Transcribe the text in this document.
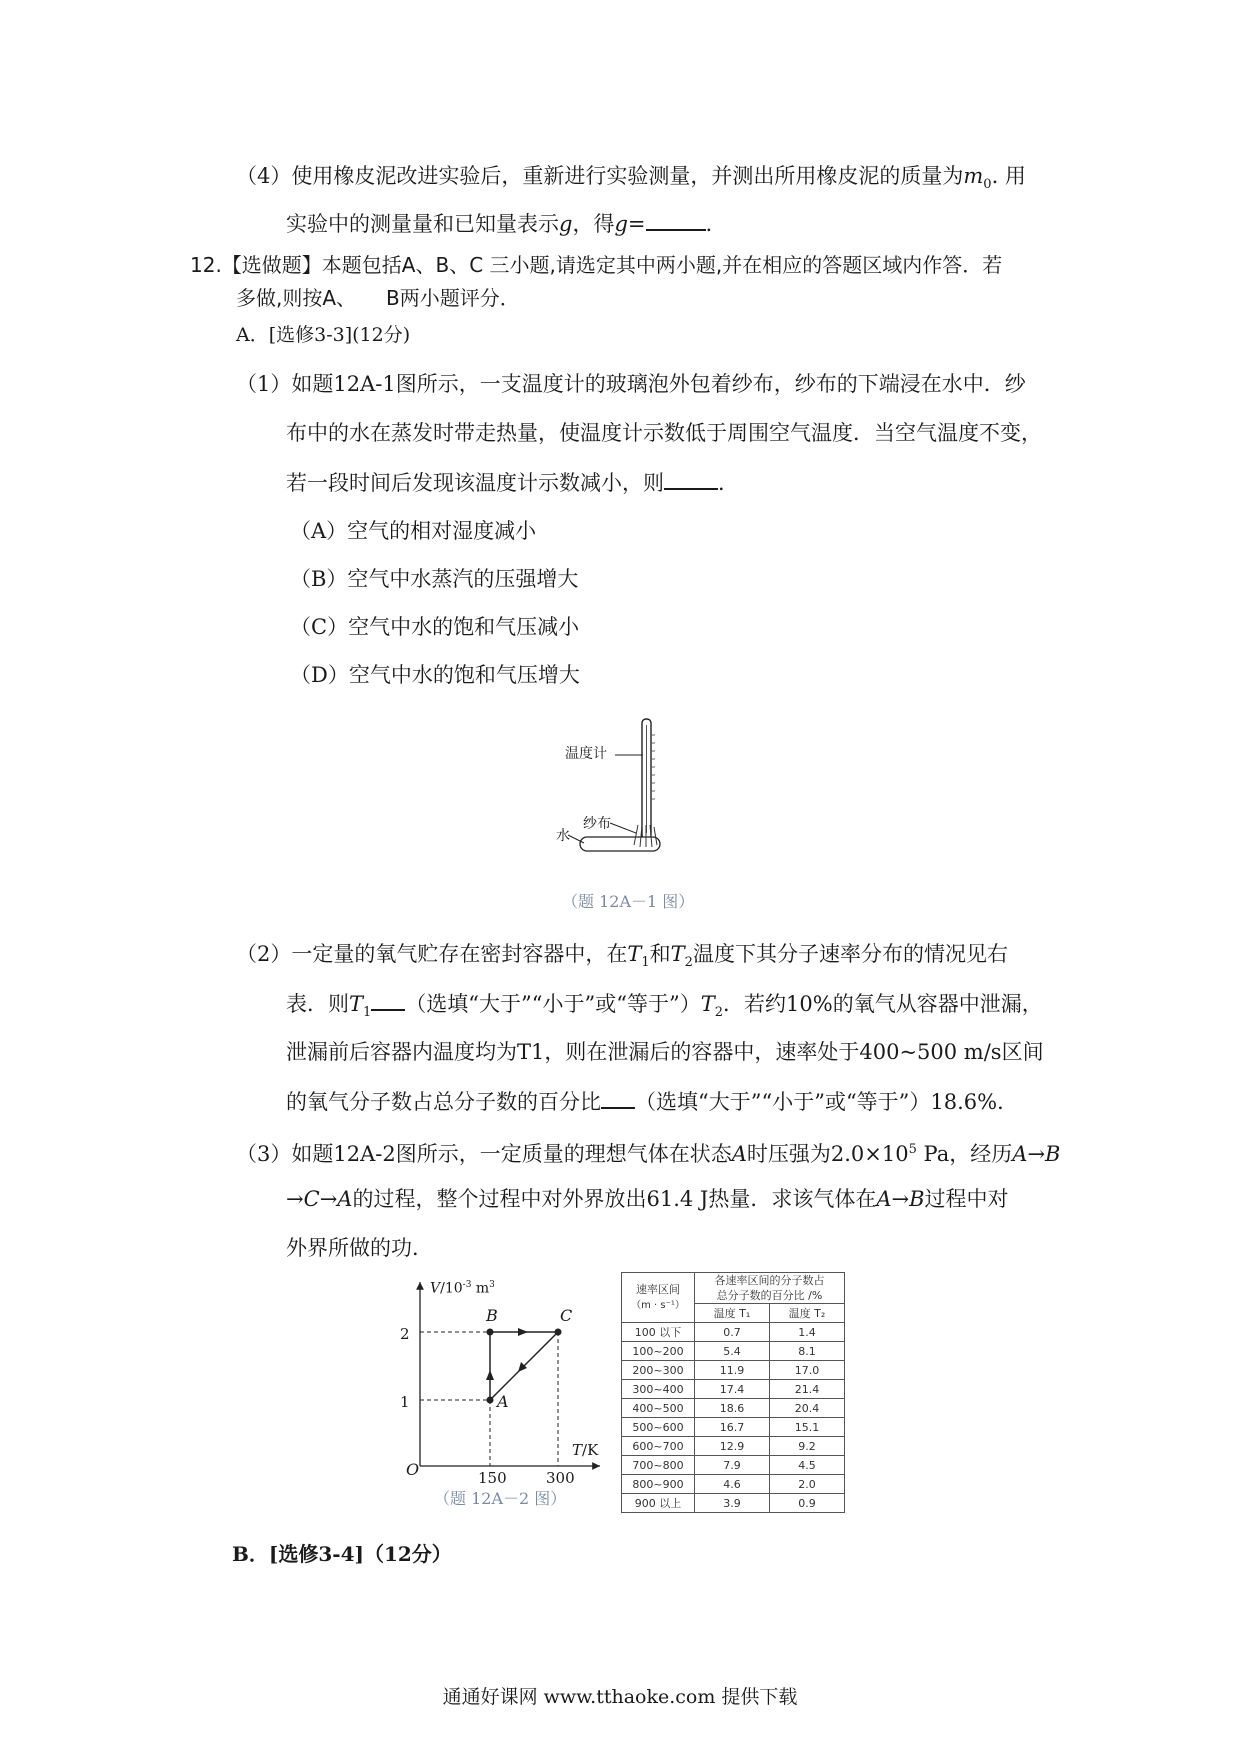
（4）使用橡皮泥改进实验后，重新进行实验测量，并测出所用橡皮泥的质量为$m_0$. 用
实验中的测量量和已知量表示g，得g=	.
12.【选做题】本题包括A、B、C 三小题,请选定其中两小题,并在相应的答题区域内作答．若
多做,则按A、　　B两小题评分．
A．[选修3-3](12分)
（1）如题12A-1图所示，一支温度计的玻璃泡外包着纱布，纱布的下端浸在水中．纱
布中的水在蒸发时带走热量，使温度计示数低于周围空气温度．当空气温度不变，
若一段时间后发现该温度计示数减小，则	．
（A）空气的相对湿度减小
（B）空气中水蒸汽的压强增大
（C）空气中水的饱和气压减小
（D）空气中水的饱和气压增大
温度计
纱布
水
（题 12A－1 图）
（2）一定量的氧气贮存在密封容器中，在$T_1$和$T_2$温度下其分子速率分布的情况见右
表．则$T_1$ （选填“大于”“小于”或“等于$”)T_2$．若约10%的氧气从容器中泄漏，
泄漏前后容器内温度均为T1，则在泄漏后的容器中，速率处于400~500 m/s区间
的氧气分子数占总分子数的百分比 （选填“大于”“小于”或“等于”）18.6%．
（3）如题12A-2图所示，一定质量的理想气体在状态A时压强为$2.0\times 10^5$ Pa，经历A→B
→C→A的过程，整个过程中对外界放出61.4 J热量．求该气体在A→B过程中对
外界所做的功．
$V/10^{-3}$ $m^3$
2
1
B	C
A
T/K
O	150	300
（题 12A－2 图）
速率区间
（m · s⁻¹）	各速率区间的分子数占
总分子数的百分比 /%	
	温度 T₁	温度 T₂
100 以下	0.7	1.4
100~200	5.4	8.1
200~300	11.9	17.0
300~400	17.4	21.4
400~500	18.6	20.4
500~600	16.7	15.1
600~700	12.9	9.2
700~800	7.9	4.5
800~900	4.6	2.0
900 以上	3.9	0.9
B．[选修3-4]（12分）
通通好课网 www.tthaoke.com 提供下载
